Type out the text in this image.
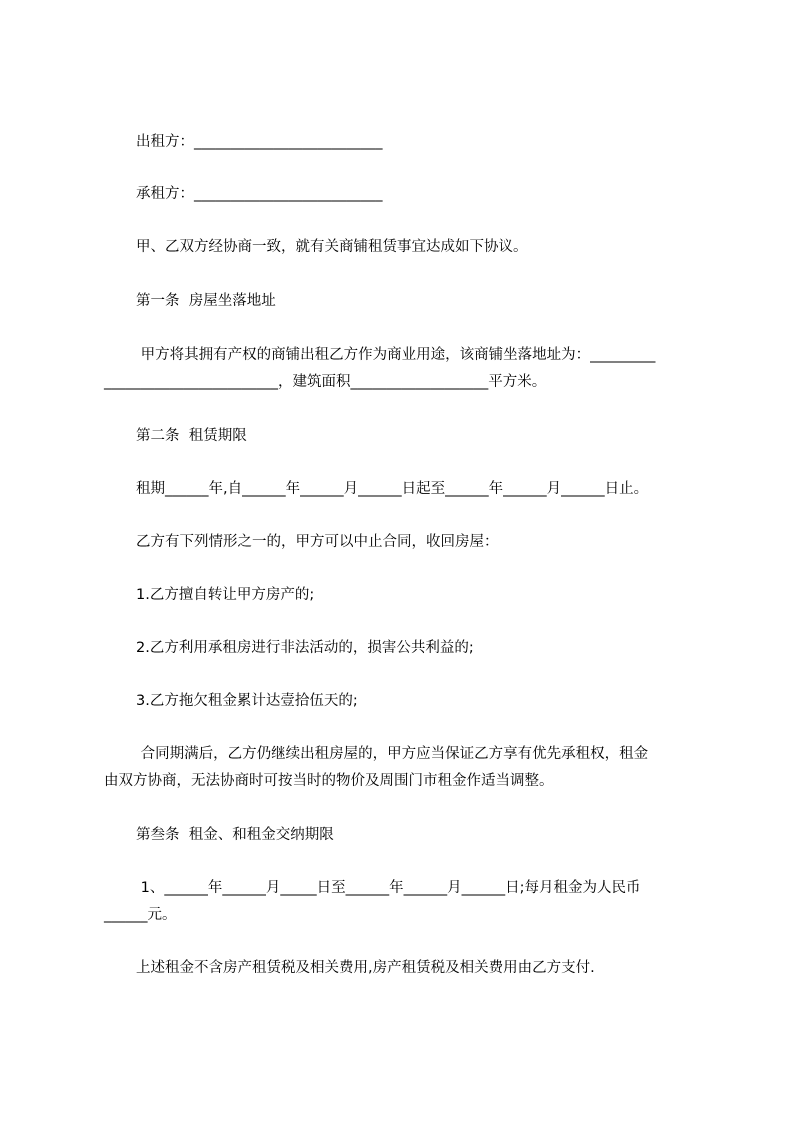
出租方：__________________________
承租方：__________________________
甲、乙双方经协商一致，就有关商铺租赁事宜达成如下协议。
第一条  房屋坐落地址
甲方将其拥有产权的商铺出租乙方作为商业用途，该商铺坐落地址为：_________
________________________，建筑面积___________________平方米。
第二条  租赁期限
租期______年,自______年______月______日起至______年______月______日止。
乙方有下列情形之一的，甲方可以中止合同，收回房屋：
1.乙方擅自转让甲方房产的;
2.乙方利用承租房进行非法活动的，损害公共利益的;
3.乙方拖欠租金累计达壹拾伍天的;
合同期满后，乙方仍继续出租房屋的，甲方应当保证乙方享有优先承租权，租金
由双方协商，无法协商时可按当时的物价及周围门市租金作适当调整。
第叁条  租金、和租金交纳期限
1、______年______月_____日至______年______月______日;每月租金为人民币
______元。
上述租金不含房产租赁税及相关费用,房产租赁税及相关费用由乙方支付.
